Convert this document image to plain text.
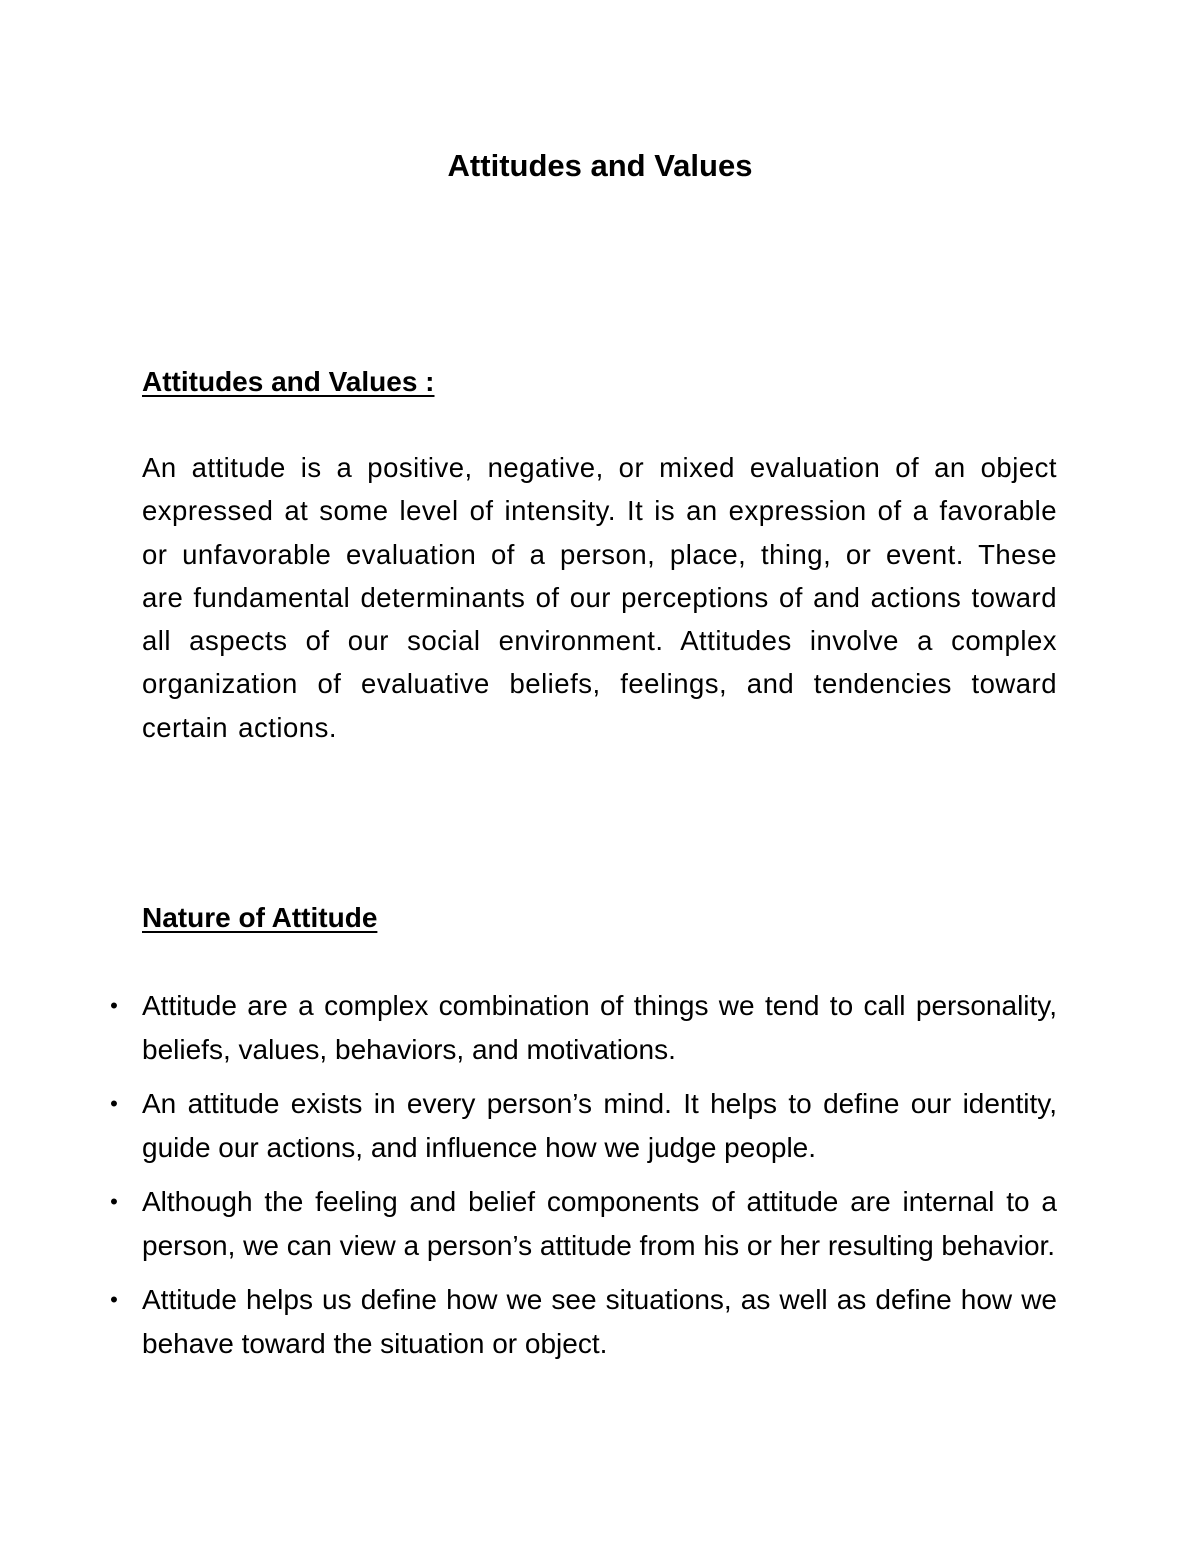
Attitudes and Values
Attitudes and Values :

An attitude is a positive, negative, or mixed evaluation of an object expressed at some level of intensity. It is an expression of a favorable or unfavorable evaluation of a person, place, thing, or event. These are fundamental determinants of our perceptions of and actions toward all aspects of our social environment. Attitudes involve a complex organization of evaluative beliefs, feelings, and tendencies toward certain actions.

Nature of Attitude
• Attitude are a complex combination of things we tend to call personality, beliefs, values, behaviors, and motivations.
• An attitude exists in every person’s mind. It helps to define our identity, guide our actions, and influence how we judge people.
• Although the feeling and belief components of attitude are internal to a person, we can view a person’s attitude from his or her resulting behavior.
• Attitude helps us define how we see situations, as well as define how we behave toward the situation or object.
